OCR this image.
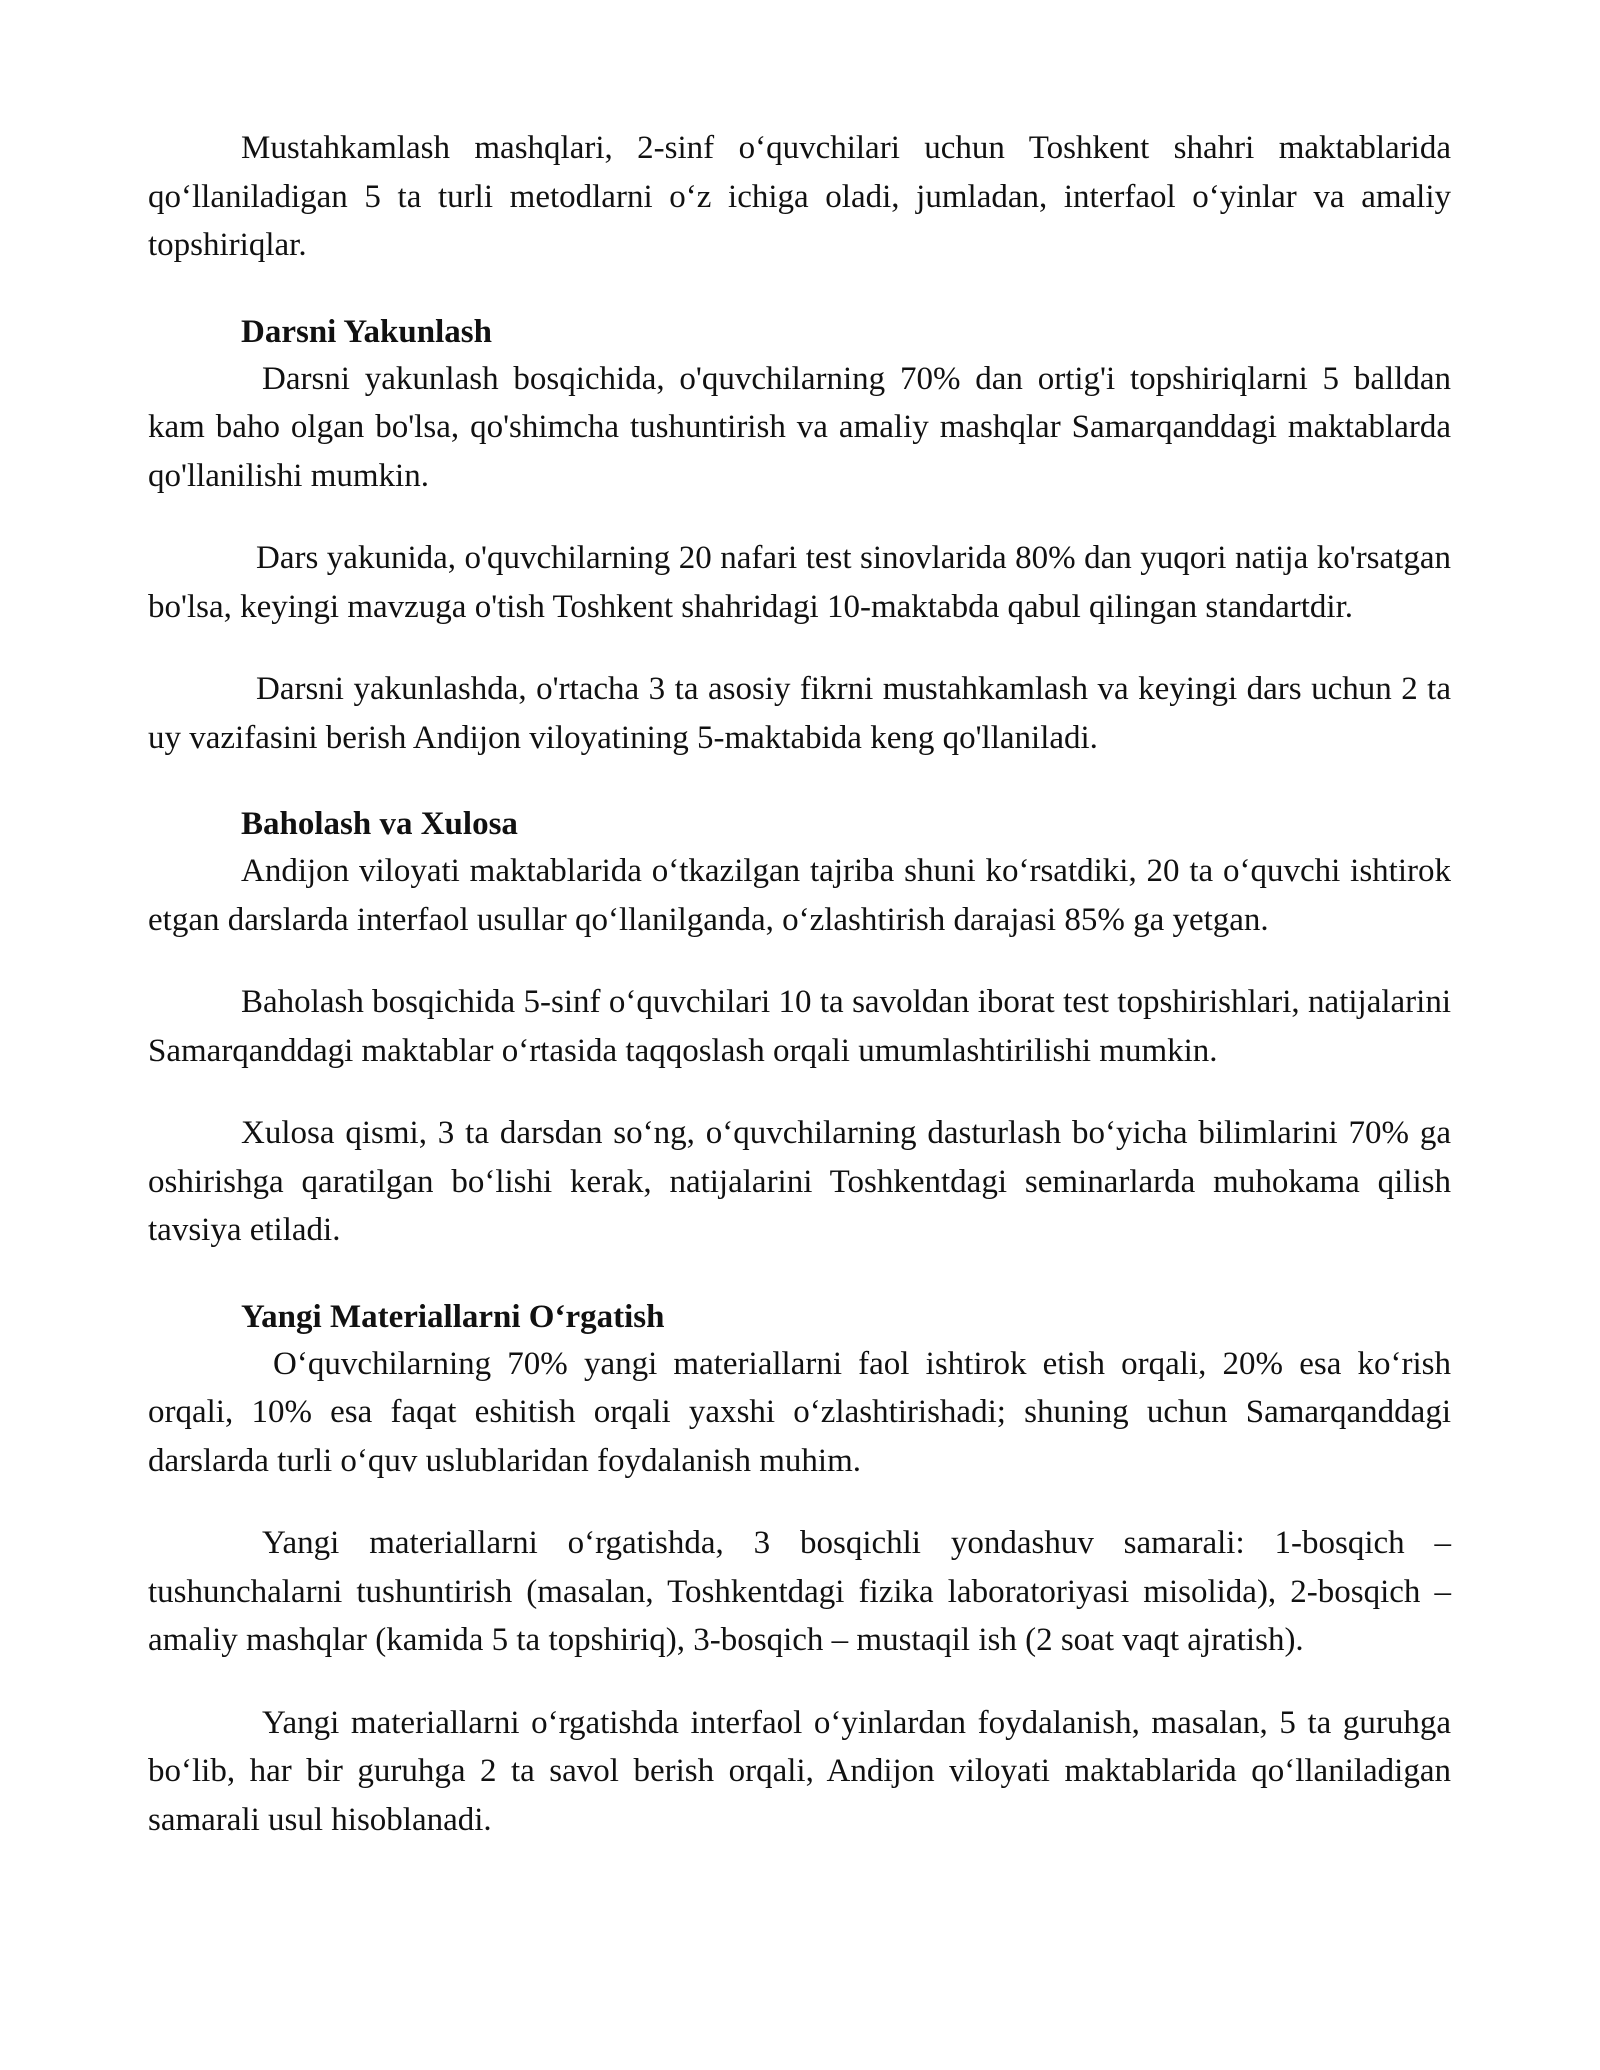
Mustahkamlash mashqlari, 2-sinf o‘quvchilari uchun Toshkent shahri maktablarida qo‘llaniladigan 5 ta turli metodlarni o‘z ichiga oladi, jumladan, interfaol o‘yinlar va amaliy topshiriqlar.

Darsni Yakunlash

Darsni yakunlash bosqichida, o'quvchilarning 70% dan ortig'i topshiriqlarni 5 balldan kam baho olgan bo'lsa, qo'shimcha tushuntirish va amaliy mashqlar Samarqanddagi maktablarda qo'llanilishi mumkin.

Dars yakunida, o'quvchilarning 20 nafari test sinovlarida 80% dan yuqori natija ko'rsatgan bo'lsa, keyingi mavzuga o'tish Toshkent shahridagi 10-maktabda qabul qilingan standartdir.

Darsni yakunlashda, o'rtacha 3 ta asosiy fikrni mustahkamlash va keyingi dars uchun 2 ta uy vazifasini berish Andijon viloyatining 5-maktabida keng qo'llaniladi.

Baholash va Xulosa

Andijon viloyati maktablarida o‘tkazilgan tajriba shuni ko‘rsatdiki, 20 ta o‘quvchi ishtirok etgan darslarda interfaol usullar qo‘llanilganda, o‘zlashtirish darajasi 85% ga yetgan.

Baholash bosqichida 5-sinf o‘quvchilari 10 ta savoldan iborat test topshirishlari, natijalarini Samarqanddagi maktablar o‘rtasida taqqoslash orqali umumlashtirilishi mumkin.

Xulosa qismi, 3 ta darsdan so‘ng, o‘quvchilarning dasturlash bo‘yicha bilimlarini 70% ga oshirishga qaratilgan bo‘lishi kerak, natijalarini Toshkentdagi seminarlarda muhokama qilish tavsiya etiladi.

Yangi Materiallarni O‘rgatish

O‘quvchilarning 70% yangi materiallarni faol ishtirok etish orqali, 20% esa ko‘rish orqali, 10% esa faqat eshitish orqali yaxshi o‘zlashtirishadi; shuning uchun Samarqanddagi darslarda turli o‘quv uslublaridan foydalanish muhim.

Yangi materiallarni o‘rgatishda, 3 bosqichli yondashuv samarali: 1-bosqich – tushunchalarni tushuntirish (masalan, Toshkentdagi fizika laboratoriyasi misolida), 2-bosqich – amaliy mashqlar (kamida 5 ta topshiriq), 3-bosqich – mustaqil ish (2 soat vaqt ajratish).

Yangi materiallarni o‘rgatishda interfaol o‘yinlardan foydalanish, masalan, 5 ta guruhga bo‘lib, har bir guruhga 2 ta savol berish orqali, Andijon viloyati maktablarida qo‘llaniladigan samarali usul hisoblanadi.
